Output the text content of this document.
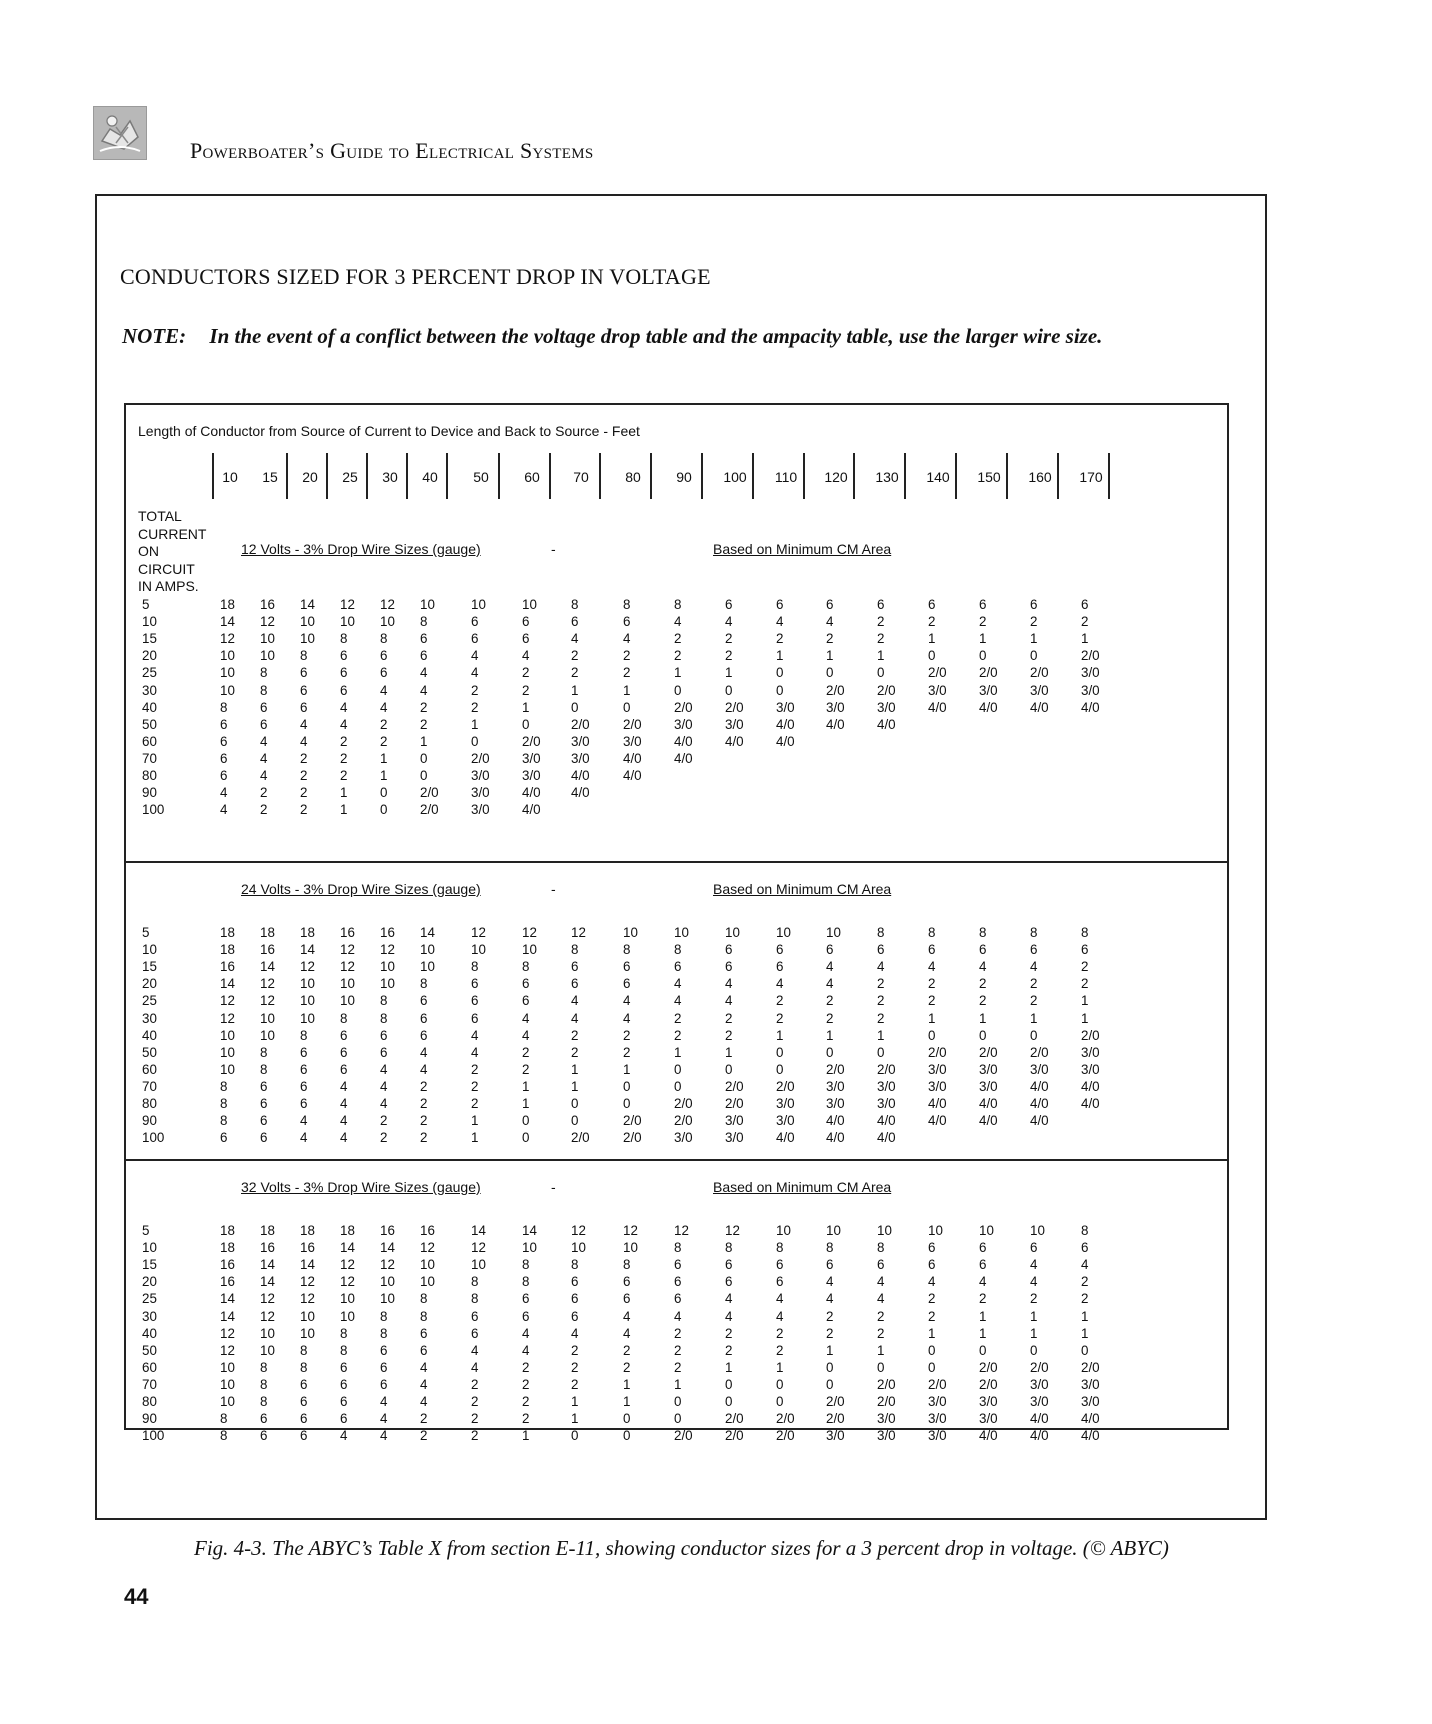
Powerboater’s Guide to Electrical Systems
CONDUCTORS SIZED FOR 3 PERCENT DROP IN VOLTAGE
NOTE: In the event of a conflict between the voltage drop table and the ampacity table, use the larger wire size.
Length of Conductor from Source of Current to Device and Back to Source - Feet
10 15 20 25 30 40	50	60 70	80	90 100 110 120 130 140 150 160 170
TOTAL
CURRENT
ON
CIRCUIT
IN AMPS.
12 Volts - 3% Drop Wire Sizes (gauge)	-	Based on Minimum CM Area
5	18 16 14 12 12 10	10	10	8	8	8	6	6	6	6	6	6	6	6
10	14 12 10 10 10 8	6	6	6	6	4	4	4	4	2	2	2	2	2
15	12 10 10 8 8 6	6	6	4	4	2	2	2	2	2	1	1	1	1
20	10 10 8 6 6 6	4	4	2	2	2	2	1	1	1	0	0	0	2/0
25	10 8 6 6 6 4	4	2	2	2	1	1	0	0	0	2/0 2/0 2/0 3/0
30	10 8 6 6 4 4	2	2	1	1	0	0	0	2/0 2/0 3/0 3/0 3/0 3/0
40	8 6 6 4 4 2	2	1	0	0	2/0 2/0 3/0 3/0 3/0 4/0 4/0 4/0 4/0
50	6 6 4 4 2 2	1	0	2/0 2/0 3/0 3/0 4/0 4/0 4/0
60	6 4 4 2 2 1	0	2/0 3/0 3/0 4/0 4/0 4/0
70	6 4 2 2 1 0	2/0 3/0 3/0 4/0 4/0
80	6 4 2 2 1 0	3/0 3/0 4/0 4/0
90	4 2 2 1 0 2/0 3/0 4/0 4/0
100	4 2 2 1 0 2/0 3/0 4/0
24 Volts - 3% Drop Wire Sizes (gauge)	-	Based on Minimum CM Area
5	18 18 18 16 16 14	12	12	12	10	10	10	10	10	8	8	8	8	8
10	18 16 14 12 12 10	10	10	8	8	8	6	6	6	6	6	6	6	6
15	16 14 12 12 10 10	8	8	6	6	6	6	6	4	4	4	4	4	2
20	14 12 10 10 10 8	6	6	6	6	4	4	4	4	2	2	2	2	2
25	12 12 10 10 8 6	6	6	4	4	4	4	2	2	2	2	2	2	1
30	12 10 10 8 8 6	6	4	4	4	2	2	2	2	2	1	1	1	1
40	10 10 8 6 6 6	4	4	2	2	2	2	1	1	1	0	0	0	2/0
50	10 8 6 6 6 4	4	2	2	2	1	1	0	0	0	2/0 2/0 2/0 3/0
60	10 8 6 6 4 4	2	2	1	1	0	0	0	2/0 2/0 3/0 3/0 3/0 3/0
70	8 6 6 4 4 2	2	1	1	0	0	2/0 2/0 3/0 3/0 3/0 3/0 4/0 4/0
80	8 6 6 4 4 2	2	1	0	0	2/0 2/0 3/0 3/0 3/0 4/0 4/0 4/0 4/0
90	8 6 4 4 2 2	1	0	0	2/0 2/0 3/0 3/0 4/0 4/0 4/0 4/0 4/0
100	6 6 4 4 2 2	1	0	2/0 2/0 3/0 3/0 4/0 4/0 4/0
32 Volts - 3% Drop Wire Sizes (gauge)	-	Based on Minimum CM Area
5	18 18 18 18 16 16	14	14	12	12	12	12	10	10	10	10	10	10	8
10	18 16 16 14 14 12	12	10	10	10	8	8	8	8	8	6	6	6	6
15	16 14 14 12 12 10	10	8	8	8	6	6	6	6	6	6	6	4	4
20	16 14 12 12 10 10	8	8	6	6	6	6	6	4	4	4	4	4	2
25	14 12 12 10 10 8	8	6	6	6	6	4	4	4	4	2	2	2	2
30	14 12 10 10 8 8	6	6	6	4	4	4	4	2	2	2	1	1	1
40	12 10 10 8 8 6	6	4	4	4	2	2	2	2	2	1	1	1	1
50	12 10 8 8 6 6	4	4	2	2	2	2	2	1	1	0	0	0	0
60	10 8 8 6 6 4	4	2	2	2	2	1	1	0	0	0	2/0 2/0 2/0
70	10 8 6 6 6 4	2	2	2	1	1	0	0	0	2/0 2/0 2/0 3/0 3/0
80	10 8 6 6 4 4	2	2	1	1	0	0	0	2/0 2/0 3/0 3/0 3/0 3/0
90	8 6 6 6 4 2	2	2	1	0	0	2/0 2/0 2/0 3/0 3/0 3/0 4/0 4/0
100	8 6 6 4 4 2	2	1	0	0	2/0 2/0 2/0 3/0 3/0 3/0 4/0 4/0 4/0
Fig. 4-3. The ABYC’s Table X from section E-11, showing conductor sizes for a 3 percent drop in voltage. (© ABYC)
44
